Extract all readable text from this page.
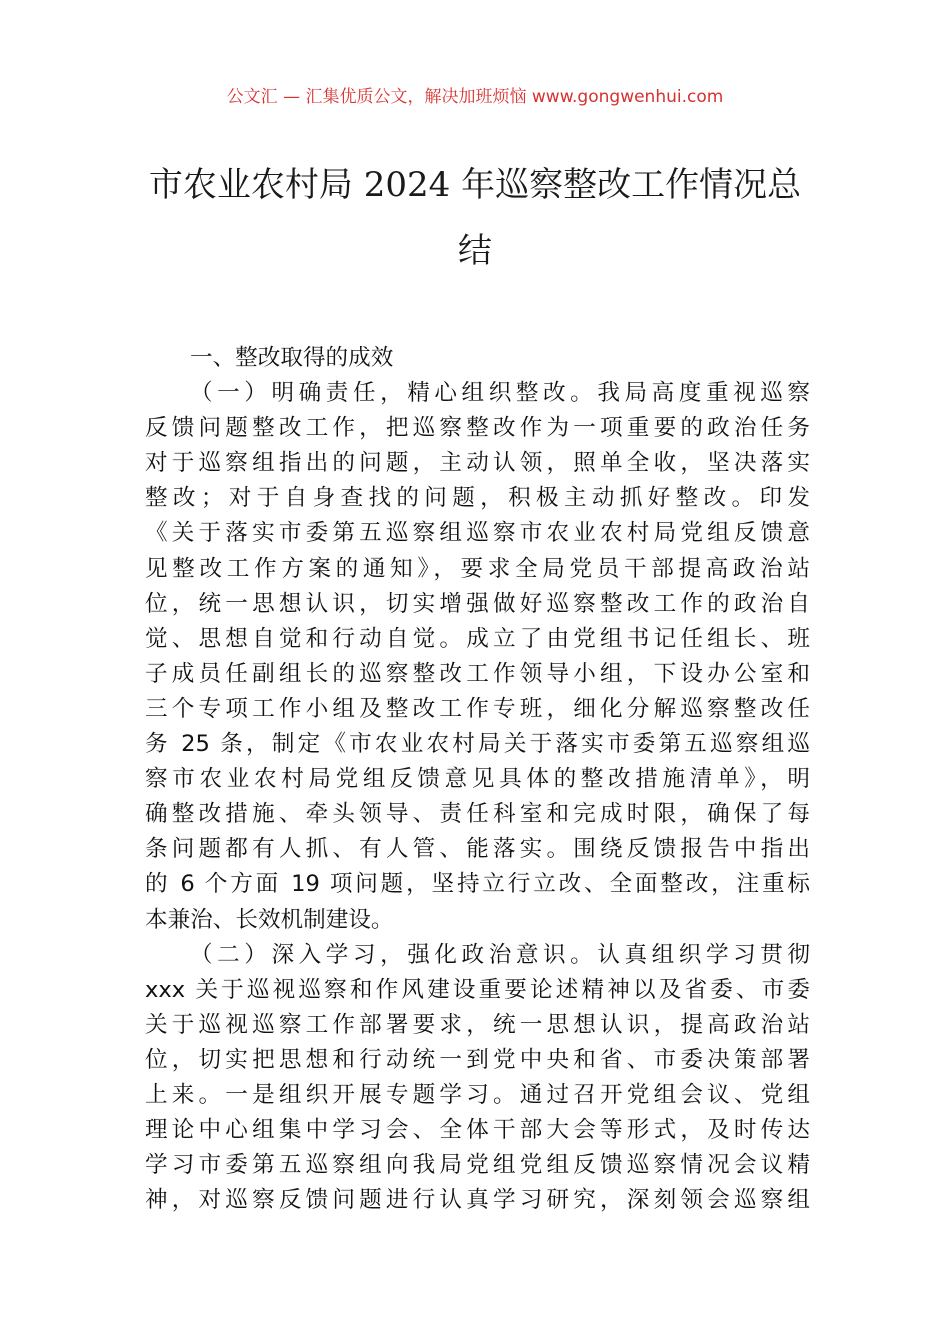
公文汇 — 汇集优质公文，解决加班烦恼 www.gongwenhui.com
市农业农村局 2024 年巡察整改工作情况总
结
一、整改取得的成效
（一）明确责任，精心组织整改。我局高度重视巡察
反馈问题整改工作，把巡察整改作为一项重要的政治任务
对于巡察组指出的问题，主动认领，照单全收，坚决落实
整改；对于自身查找的问题，积极主动抓好整改。印发
《关于落实市委第五巡察组巡察市农业农村局党组反馈意
见整改工作方案的通知》，要求全局党员干部提高政治站
位，统一思想认识，切实增强做好巡察整改工作的政治自
觉、思想自觉和行动自觉。成立了由党组书记任组长、班
子成员任副组长的巡察整改工作领导小组，下设办公室和
三个专项工作小组及整改工作专班，细化分解巡察整改任
务 25 条，制定《市农业农村局关于落实市委第五巡察组巡
察市农业农村局党组反馈意见具体的整改措施清单》，明
确整改措施、牵头领导、责任科室和完成时限，确保了每
条问题都有人抓、有人管、能落实。围绕反馈报告中指出
的 6 个方面 19 项问题，坚持立行立改、全面整改，注重标
本兼治、长效机制建设。
（二）深入学习，强化政治意识。认真组织学习贯彻
xxx 关于巡视巡察和作风建设重要论述精神以及省委、市委
关于巡视巡察工作部署要求，统一思想认识，提高政治站
位，切实把思想和行动统一到党中央和省、市委决策部署
上来。一是组织开展专题学习。通过召开党组会议、党组
理论中心组集中学习会、全体干部大会等形式，及时传达
学习市委第五巡察组向我局党组党组反馈巡察情况会议精
神，对巡察反馈问题进行认真学习研究，深刻领会巡察组
